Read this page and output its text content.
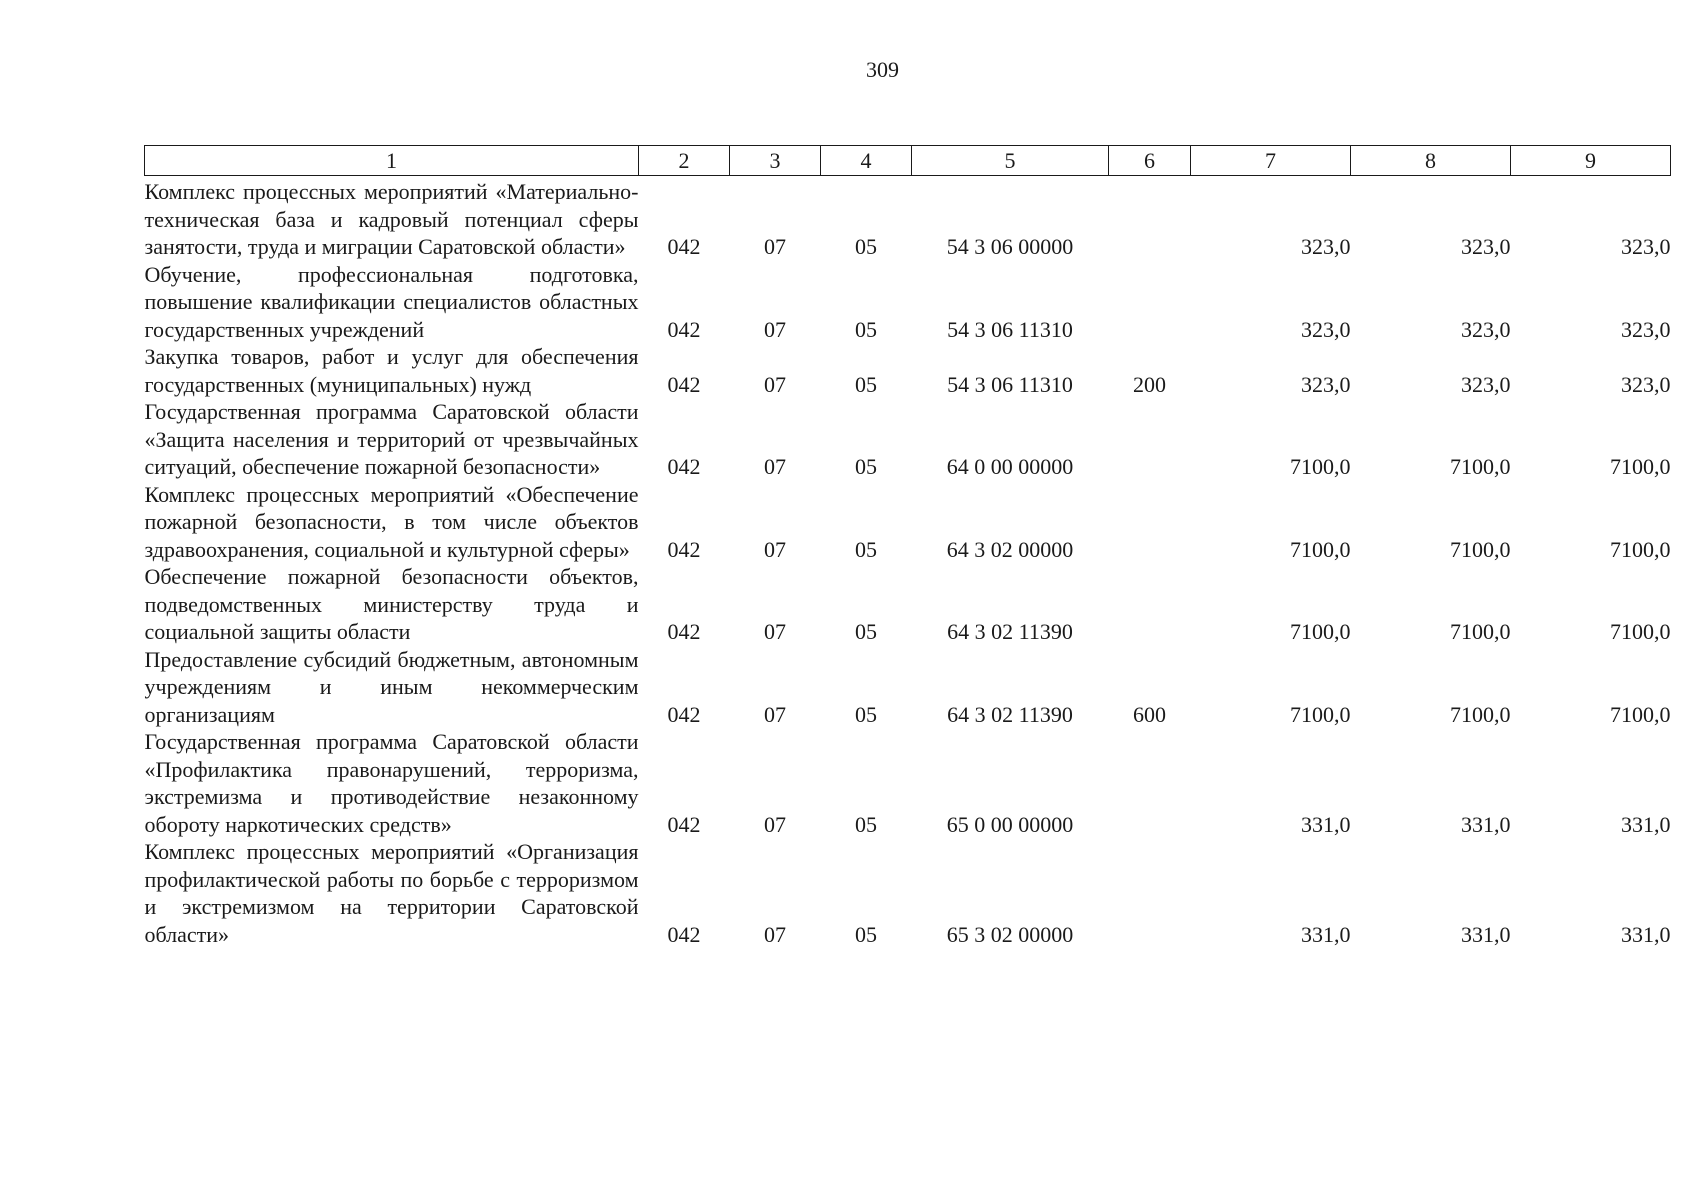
309
1	2	3	4	5	6	7	8	9
Комплекс процессных мероприятий «Материально-техническая база и кадровый потенциал сферы занятости, труда и миграции Саратовской области»	042	07	05	54 3 06 00000		323,0	323,0	323,0
Обучение, профессиональная подготовка, повышение квалификации специалистов областных государственных учреждений	042	07	05	54 3 06 11310		323,0	323,0	323,0
Закупка товаров, работ и услуг для обеспечения государственных (муниципальных) нужд	042	07	05	54 3 06 11310	200	323,0	323,0	323,0
Государственная программа Саратовской области «Защита населения и территорий от чрезвычайных ситуаций, обеспечение пожарной безопасности»	042	07	05	64 0 00 00000		7100,0	7100,0	7100,0
Комплекс процессных мероприятий «Обеспечение пожарной безопасности, в том числе объектов здравоохранения, социальной и культурной сферы»	042	07	05	64 3 02 00000		7100,0	7100,0	7100,0
Обеспечение пожарной безопасности объектов, подведомственных министерству труда и социальной защиты области	042	07	05	64 3 02 11390		7100,0	7100,0	7100,0
Предоставление субсидий бюджетным, автономным учреждениям и иным некоммерческим организациям	042	07	05	64 3 02 11390	600	7100,0	7100,0	7100,0
Государственная программа Саратовской области «Профилактика правонарушений, терроризма, экстремизма и противодействие незаконному обороту наркотических средств»	042	07	05	65 0 00 00000		331,0	331,0	331,0
Комплекс процессных мероприятий «Организация профилактической работы по борьбе с терроризмом и экстремизмом на территории Саратовской области»	042	07	05	65 3 02 00000		331,0	331,0	331,0
